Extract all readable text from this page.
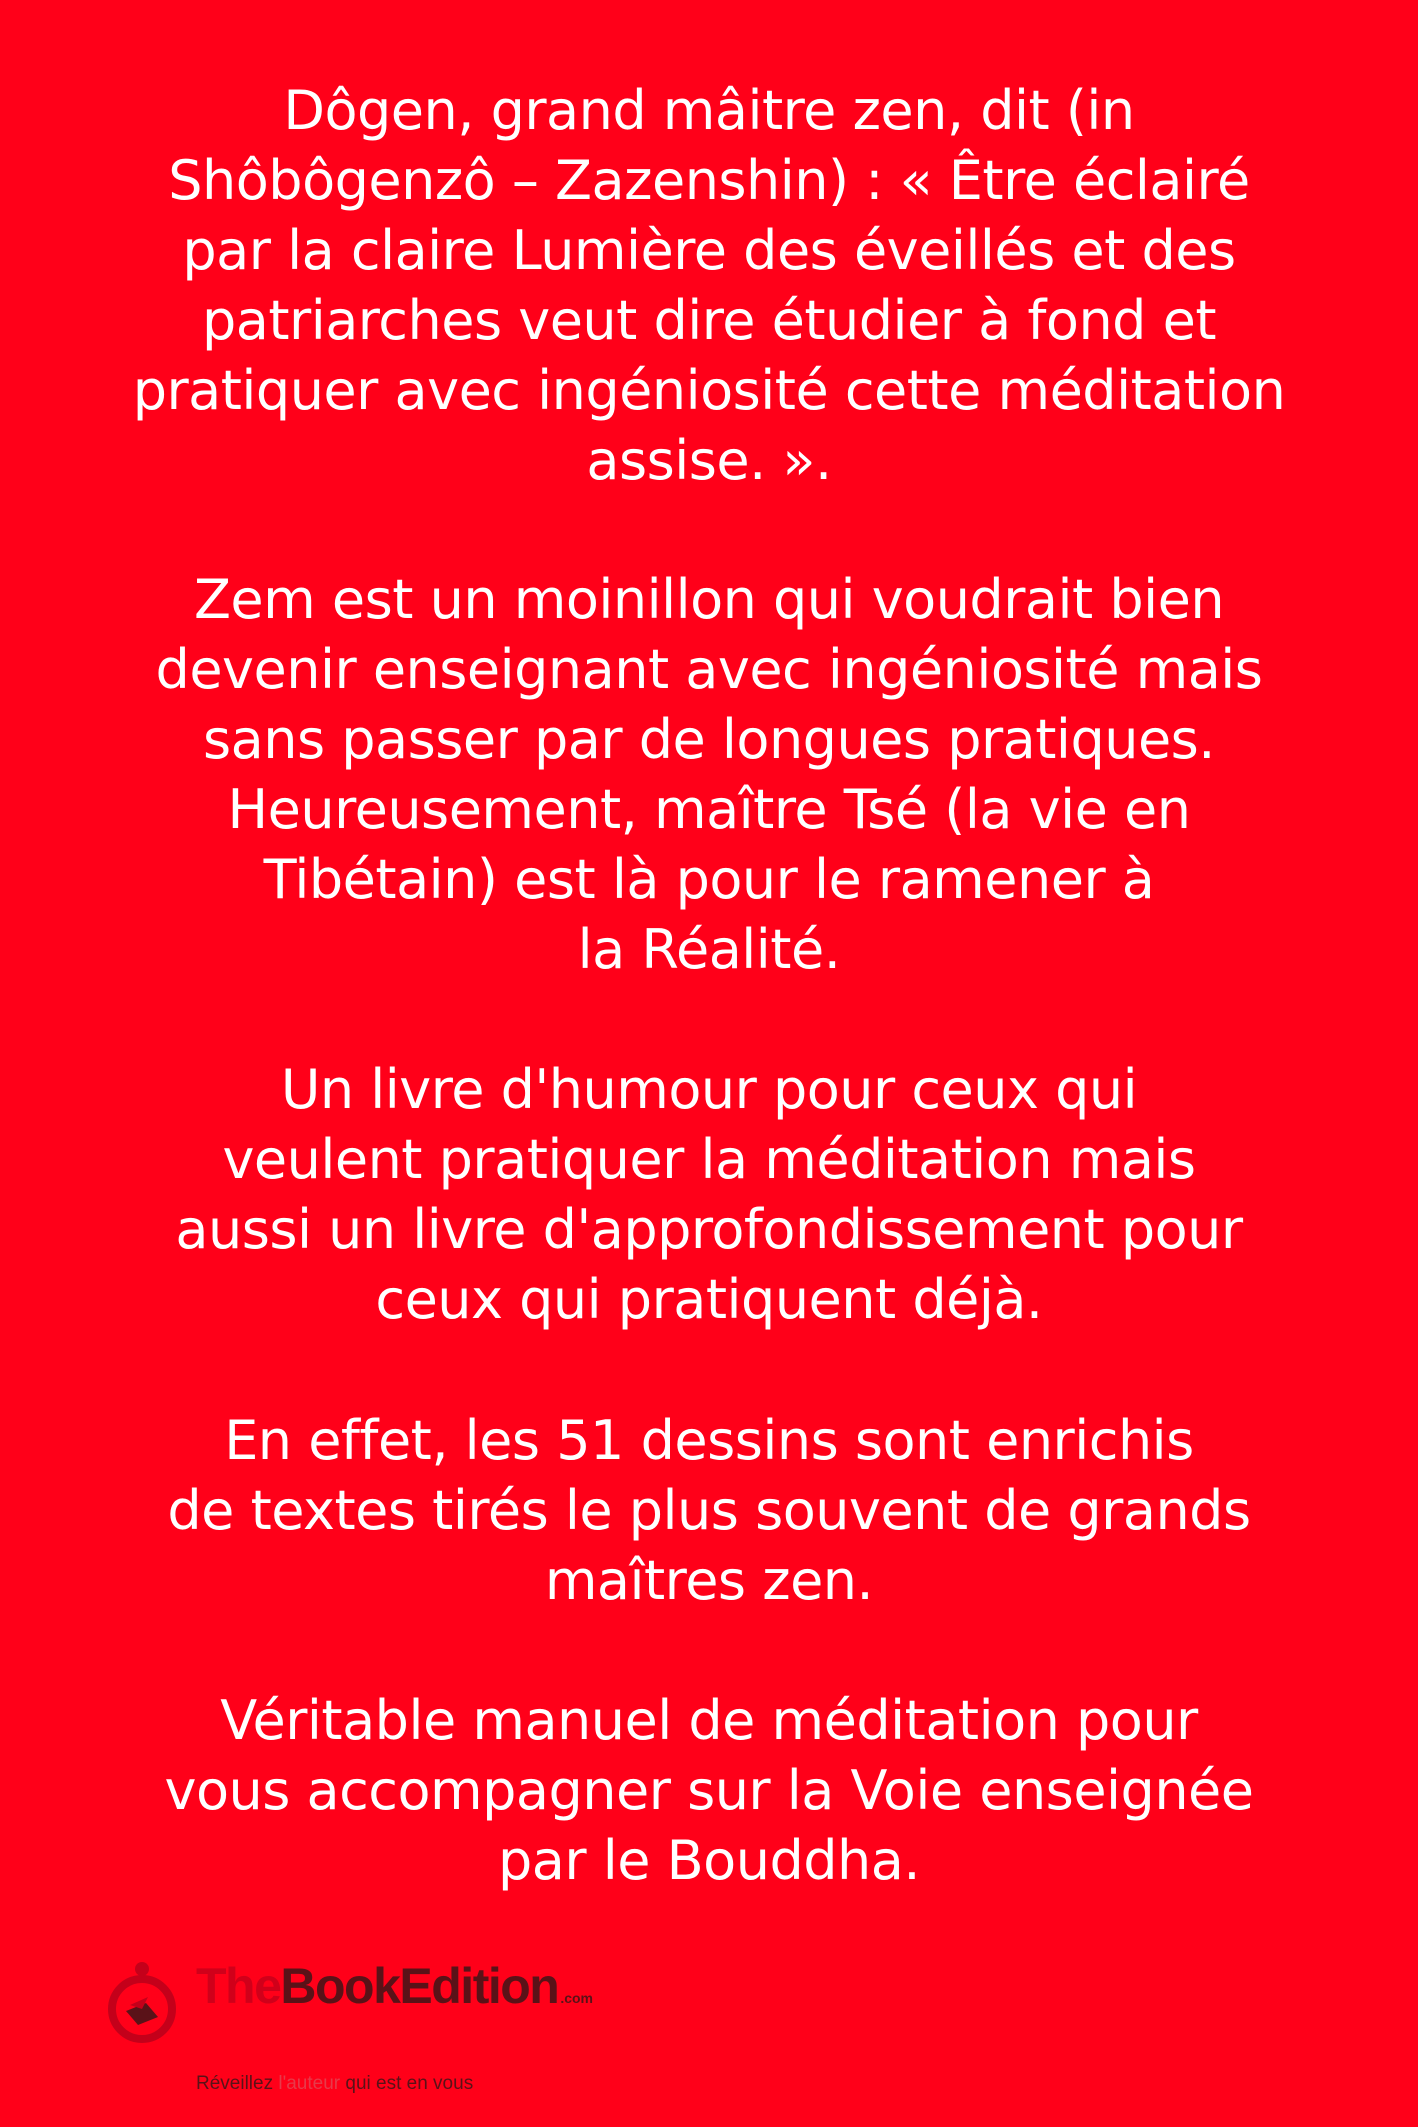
Dôgen, grand mâitre zen, dit (in
Shôbôgenzô – Zazenshin) : « Être éclairé
par la claire Lumière des éveillés et des
patriarches veut dire étudier à fond et
pratiquer avec ingéniosité cette méditation
assise. ».

Zem est un moinillon qui voudrait bien
devenir enseignant avec ingéniosité mais
sans passer par de longues pratiques.
Heureusement, maître Tsé (la vie en
Tibétain) est là pour le ramener à
la Réalité.

Un livre d'humour pour ceux qui
veulent pratiquer la méditation mais
aussi un livre d'approfondissement pour
ceux qui pratiquent déjà.

En effet, les 51 dessins sont enrichis
de textes tirés le plus souvent de grands
maîtres zen.

Véritable manuel de méditation pour
vous accompagner sur la Voie enseignée
par le Bouddha.

TheBookEdition .com
Réveillez l'auteur qui est en vous
